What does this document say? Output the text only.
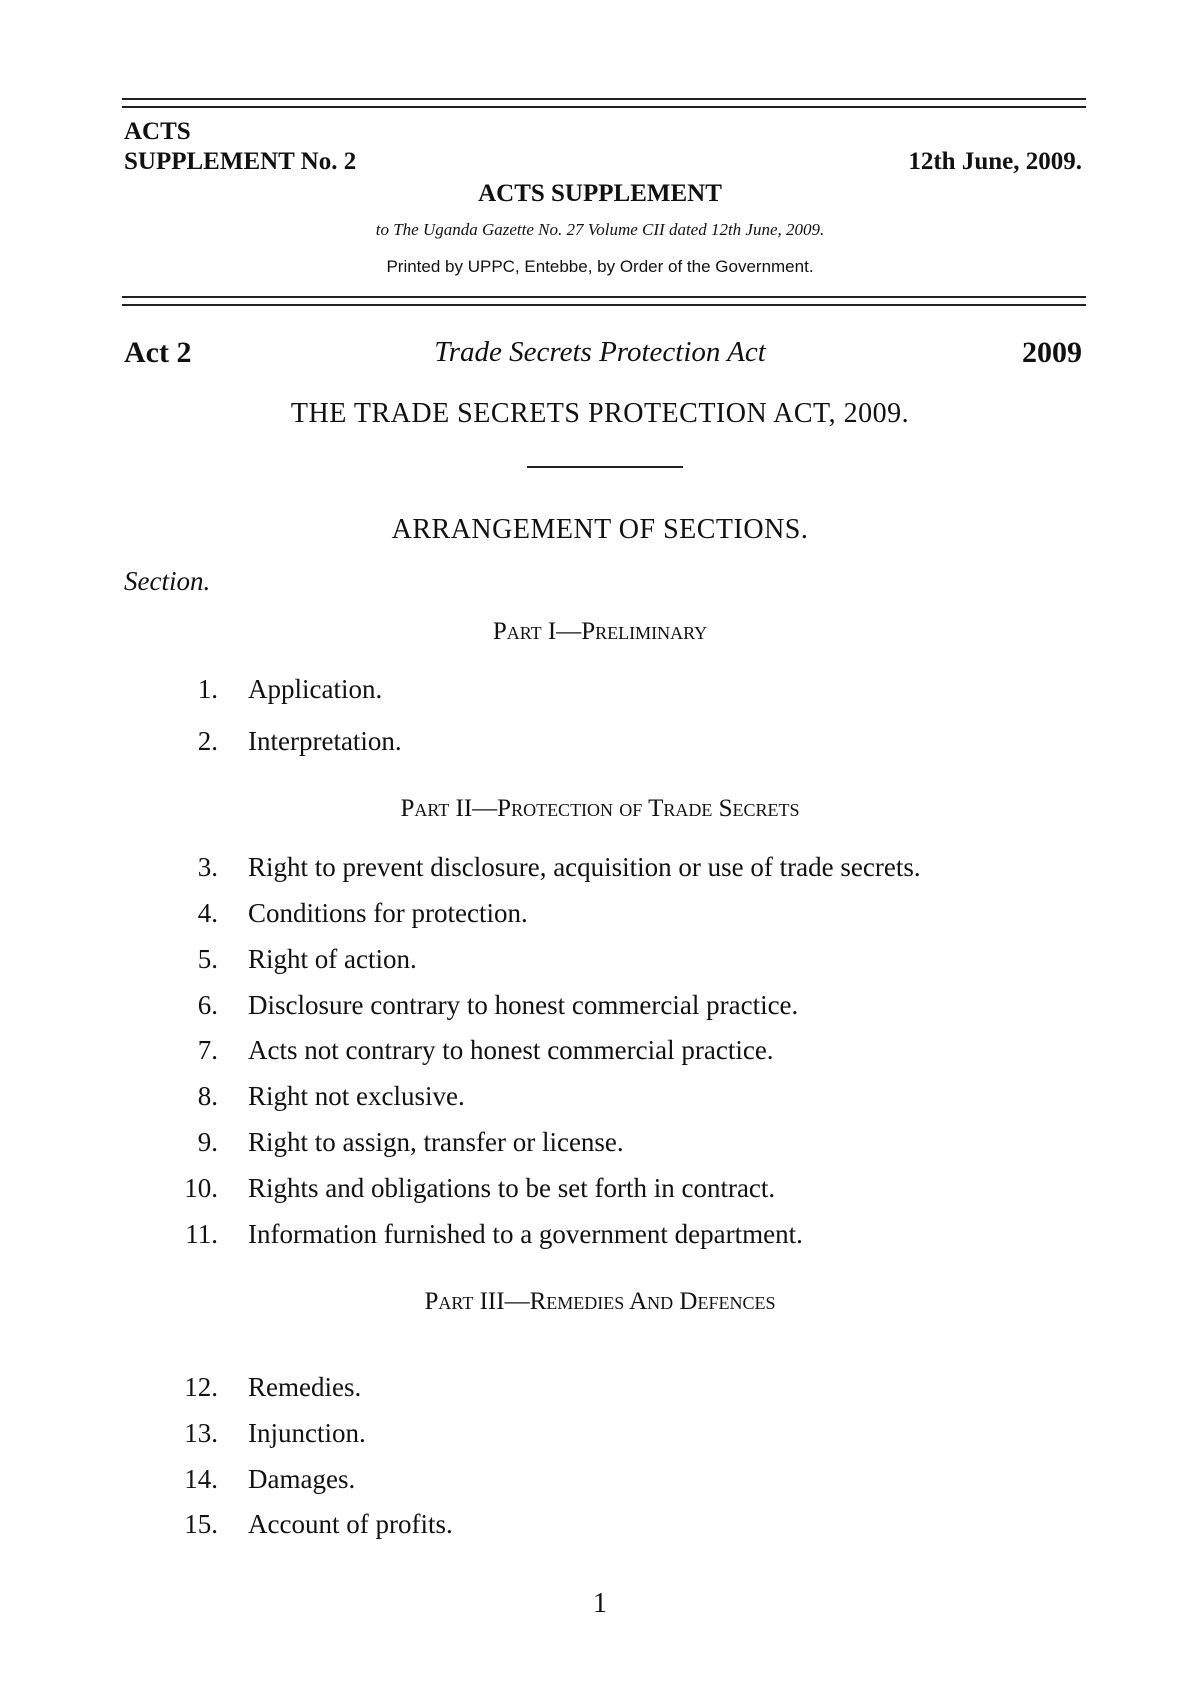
ACTS
SUPPLEMENT No. 2	12th June, 2009.
ACTS SUPPLEMENT
to The Uganda Gazette No. 27 Volume CII dated 12th June, 2009.
Printed by UPPC, Entebbe, by Order of the Government.
Act 2	Trade Secrets Protection Act	2009
THE TRADE SECRETS PROTECTION ACT, 2009.
ARRANGEMENT OF SECTIONS.
Section.
Part I—Preliminary
1. Application.
2. Interpretation.
Part II—Protection of Trade Secrets
3. Right to prevent disclosure, acquisition or use of trade secrets.
4. Conditions for protection.
5. Right of action.
6. Disclosure contrary to honest commercial practice.
7. Acts not contrary to honest commercial practice.
8. Right not exclusive.
9. Right to assign, transfer or license.
10. Rights and obligations to be set forth in contract.
11. Information furnished to a government department.
Part III—Remedies And Defences
12. Remedies.
13. Injunction.
14. Damages.
15. Account of profits.
1
